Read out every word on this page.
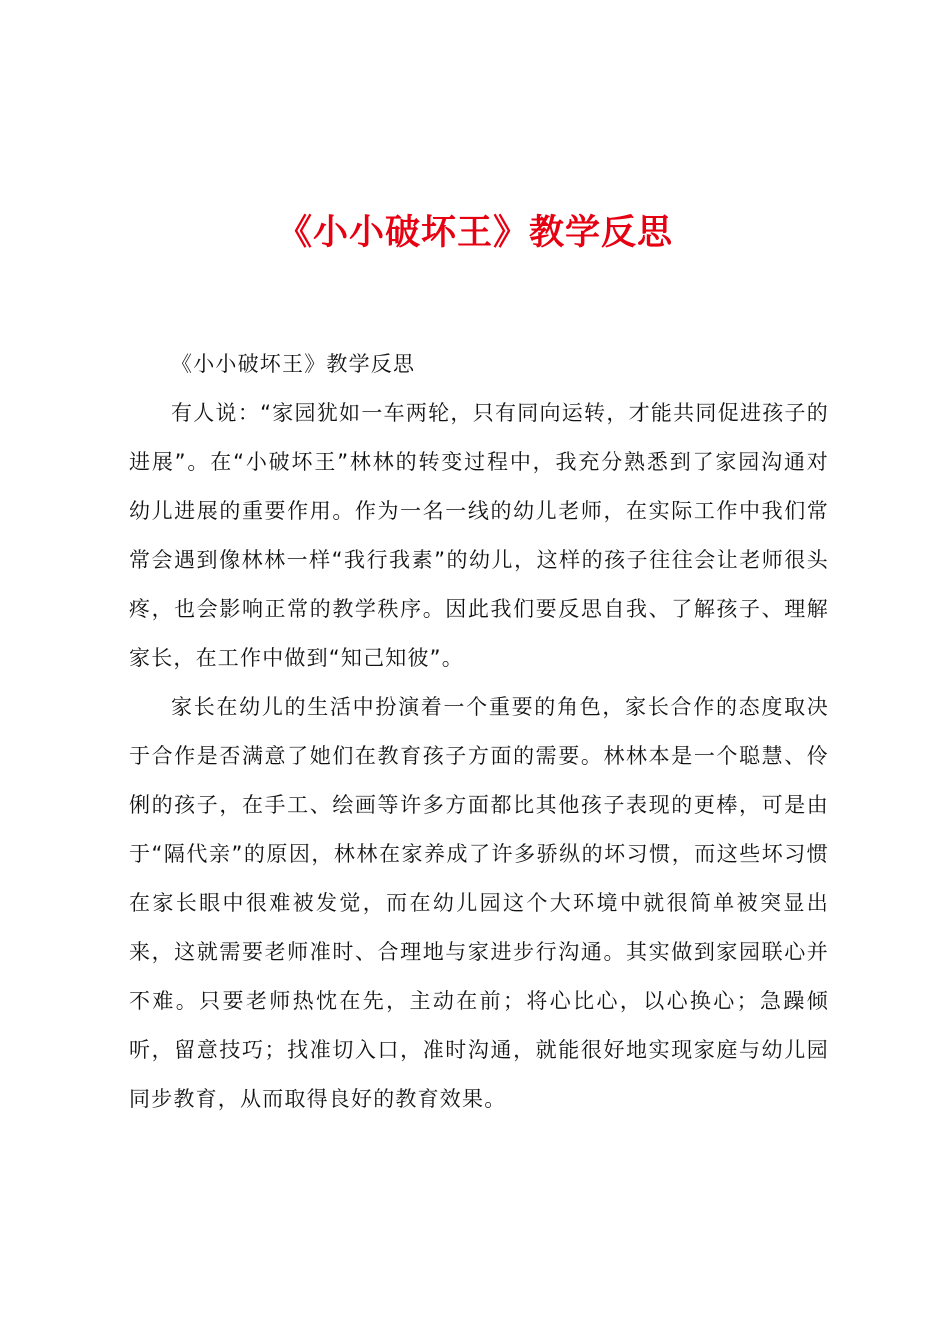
《小小破坏王》教学反思

《小小破坏王》教学反思

有人说：“家园犹如一车两轮，只有同向运转，才能共同促进孩子的进展”。在“小破坏王”林林的转变过程中，我充分熟悉到了家园沟通对幼儿进展的重要作用。作为一名一线的幼儿老师，在实际工作中我们常常会遇到像林林一样“我行我素”的幼儿，这样的孩子往往会让老师很头疼，也会影响正常的教学秩序。因此我们要反思自我、了解孩子、理解家长，在工作中做到“知己知彼”。

家长在幼儿的生活中扮演着一个重要的角色，家长合作的态度取决于合作是否满意了她们在教育孩子方面的需要。林林本是一个聪慧、伶俐的孩子，在手工、绘画等许多方面都比其他孩子表现的更棒，可是由于“隔代亲”的原因，林林在家养成了许多骄纵的坏习惯，而这些坏习惯在家长眼中很难被发觉，而在幼儿园这个大环境中就很简单被突显出来，这就需要老师准时、合理地与家进步行沟通。其实做到家园联心并不难。只要老师热忱在先，主动在前；将心比心，以心换心；急躁倾听，留意技巧；找准切入口，准时沟通，就能很好地实现家庭与幼儿园同步教育，从而取得良好的教育效果。
